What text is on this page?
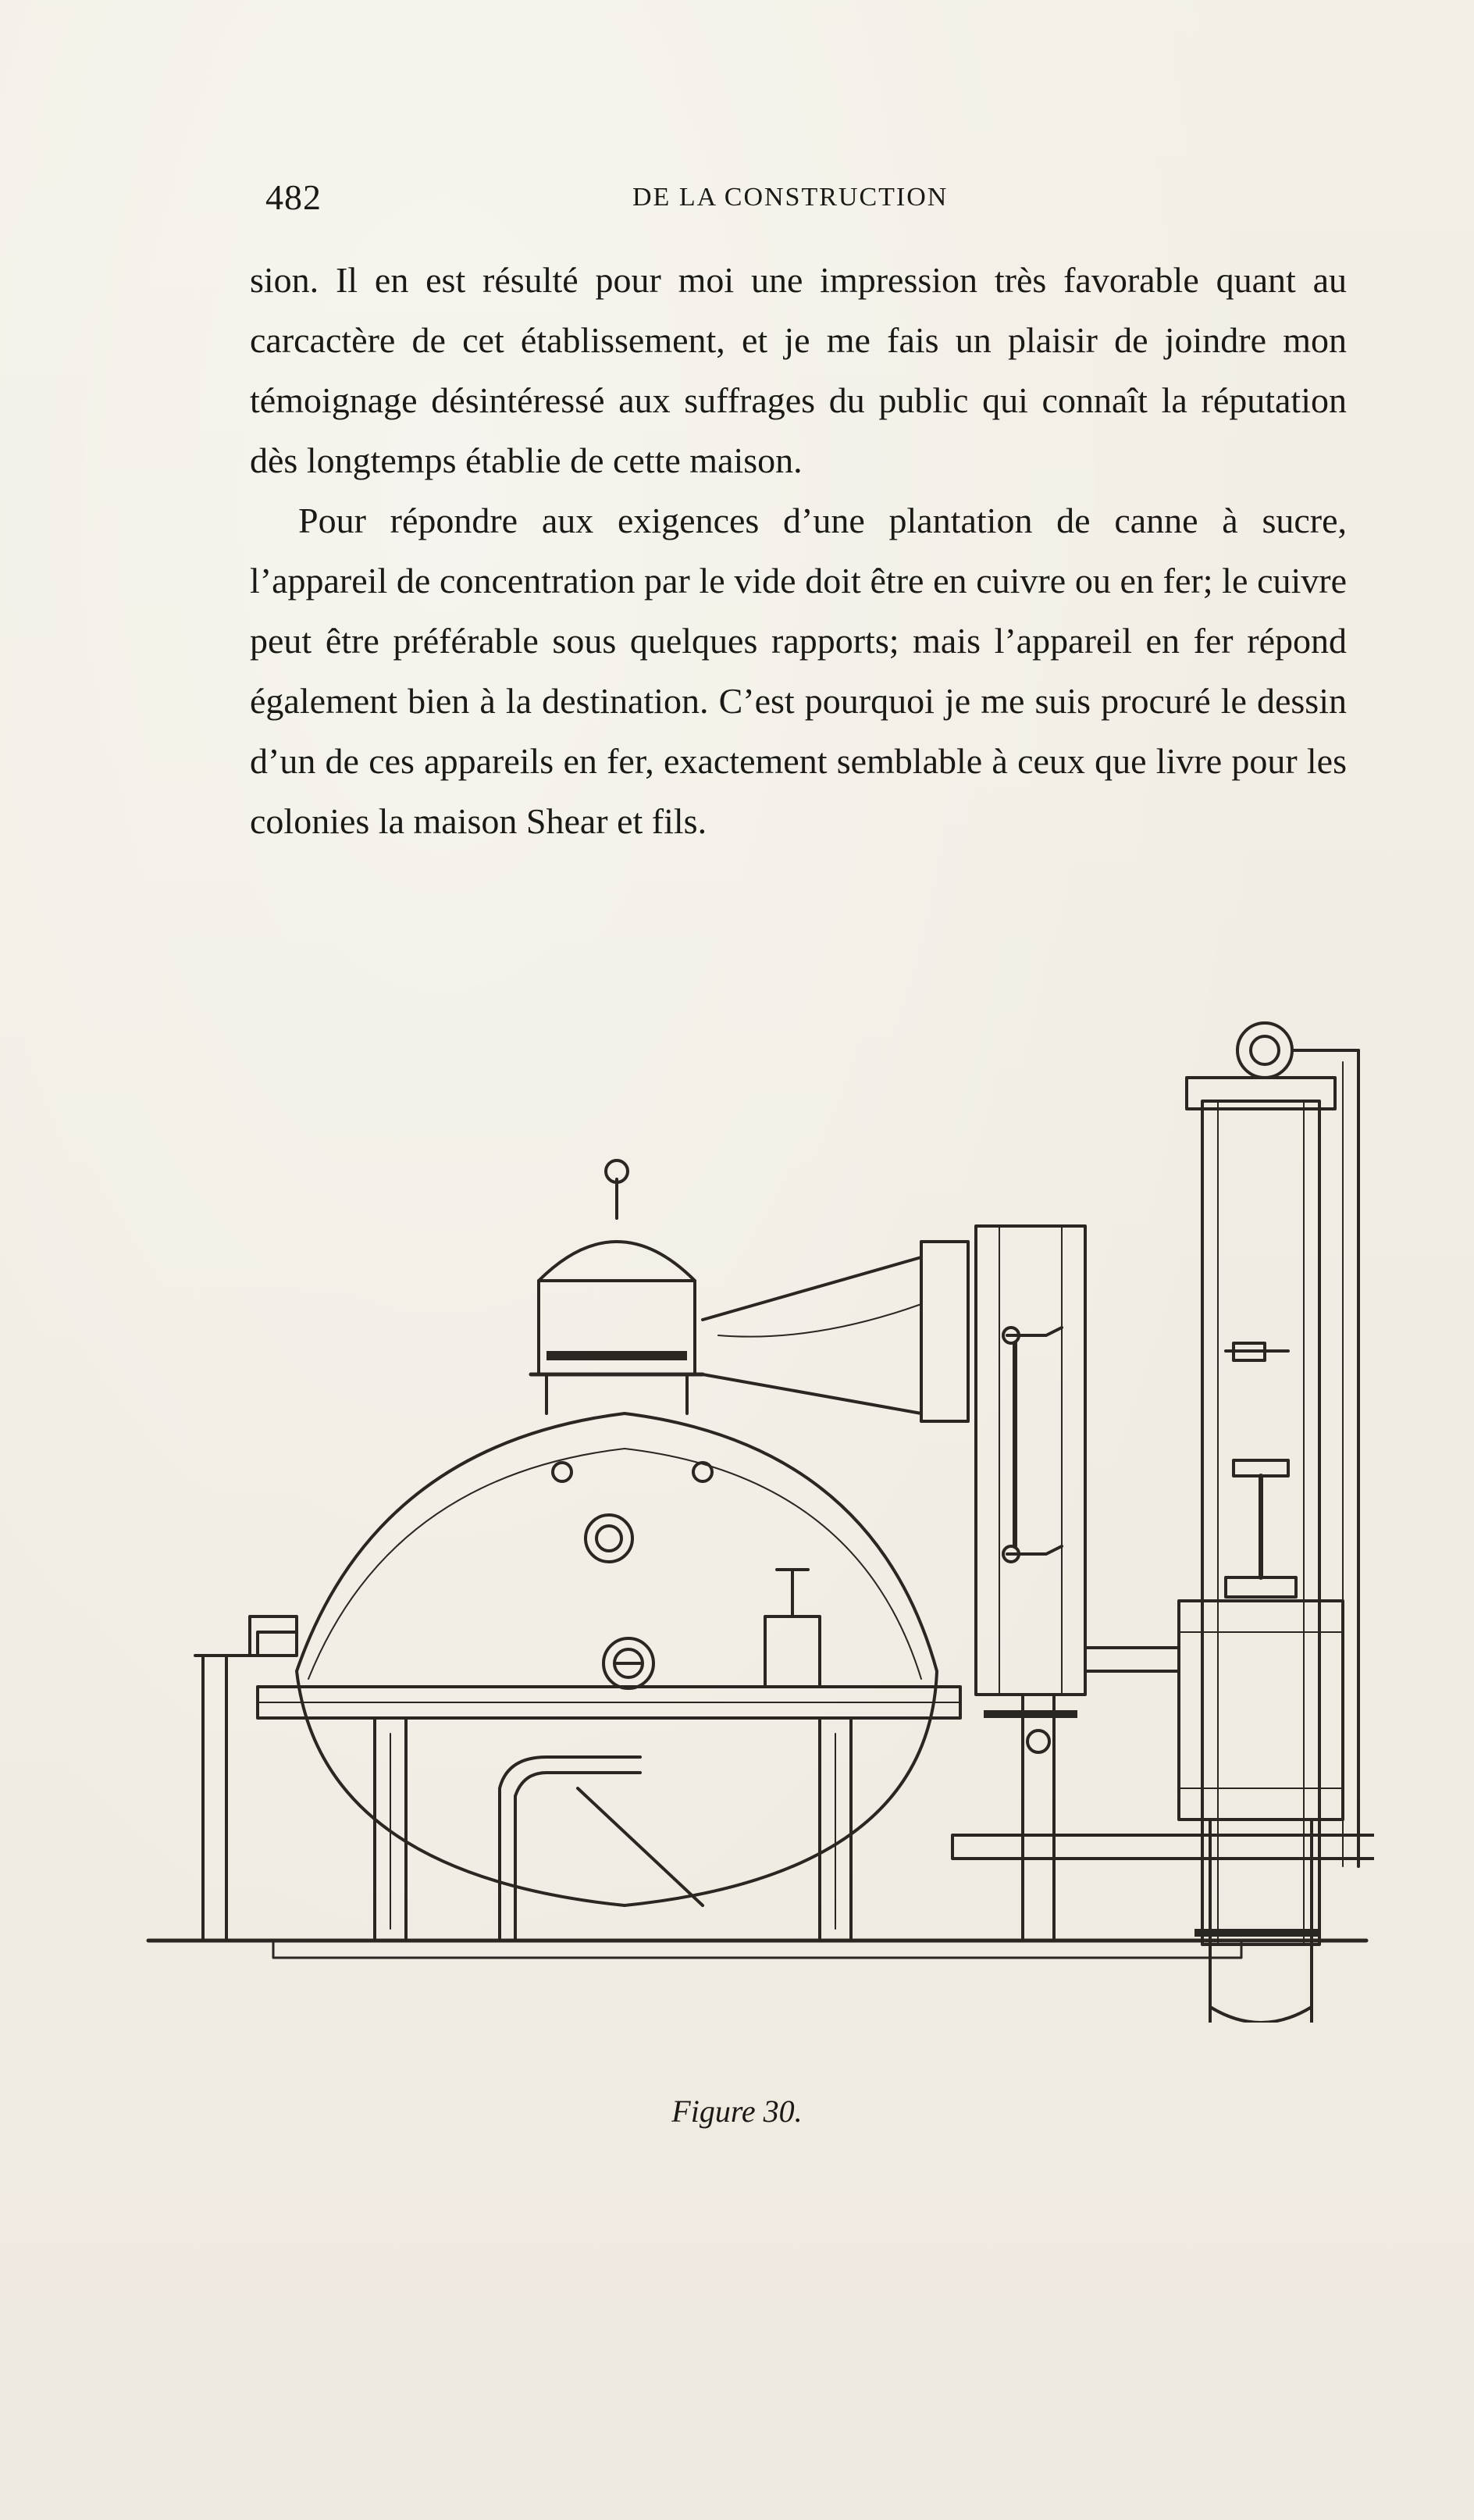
482	DE LA CONSTRUCTION

sion. Il en est résulté pour moi une impression très favorable quant au carcactère de cet établissement, et je me fais un plaisir de joindre mon témoignage désintéressé aux suffrages du public qui connaît la réputation dès longtemps établie de cette maison.

Pour répondre aux exigences d’une plantation de canne à sucre, l’appareil de concentration par le vide doit être en cuivre ou en fer; le cuivre peut être préférable sous quelques rapports; mais l’appareil en fer répond également bien à la destination. C’est pourquoi je me suis procuré le dessin d’un de ces appareils en fer, exactement semblable à ceux que livre pour les colonies la maison Shear et fils.

Figure 30.
